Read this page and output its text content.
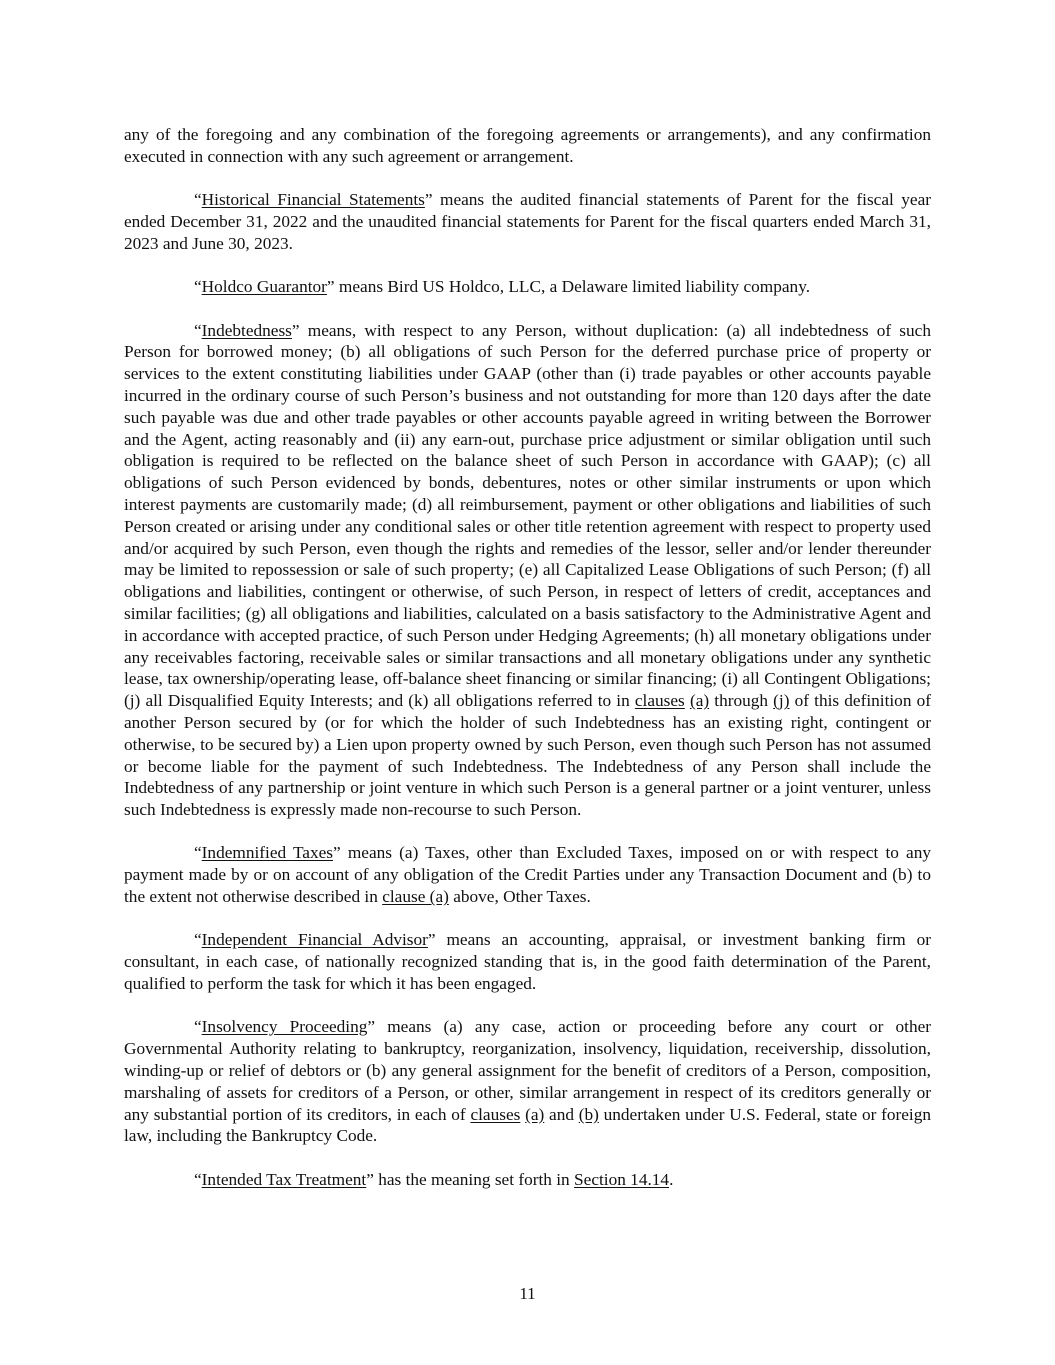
any of the foregoing and any combination of the foregoing agreements or arrangements), and any confirmation executed in connection with any such agreement or arrangement.

“Historical Financial Statements” means the audited financial statements of Parent for the fiscal year ended December 31, 2022 and the unaudited financial statements for Parent for the fiscal quarters ended March 31, 2023 and June 30, 2023.

“Holdco Guarantor” means Bird US Holdco, LLC, a Delaware limited liability company.

“Indebtedness” means, with respect to any Person, without duplication: (a) all indebtedness of such Person for borrowed money; (b) all obligations of such Person for the deferred purchase price of property or services to the extent constituting liabilities under GAAP (other than (i) trade payables or other accounts payable incurred in the ordinary course of such Person’s business and not outstanding for more than 120 days after the date such payable was due and other trade payables or other accounts payable agreed in writing between the Borrower and the Agent, acting reasonably and (ii) any earn-out, purchase price adjustment or similar obligation until such obligation is required to be reflected on the balance sheet of such Person in accordance with GAAP); (c) all obligations of such Person evidenced by bonds, debentures, notes or other similar instruments or upon which interest payments are customarily made; (d) all reimbursement, payment or other obligations and liabilities of such Person created or arising under any conditional sales or other title retention agreement with respect to property used and/or acquired by such Person, even though the rights and remedies of the lessor, seller and/or lender thereunder may be limited to repossession or sale of such property; (e) all Capitalized Lease Obligations of such Person; (f) all obligations and liabilities, contingent or otherwise, of such Person, in respect of letters of credit, acceptances and similar facilities; (g) all obligations and liabilities, calculated on a basis satisfactory to the Administrative Agent and in accordance with accepted practice, of such Person under Hedging Agreements; (h) all monetary obligations under any receivables factoring, receivable sales or similar transactions and all monetary obligations under any synthetic lease, tax ownership/operating lease, off-balance sheet financing or similar financing; (i) all Contingent Obligations; (j) all Disqualified Equity Interests; and (k) all obligations referred to in clauses (a) through (j) of this definition of another Person secured by (or for which the holder of such Indebtedness has an existing right, contingent or otherwise, to be secured by) a Lien upon property owned by such Person, even though such Person has not assumed or become liable for the payment of such Indebtedness. The Indebtedness of any Person shall include the Indebtedness of any partnership or joint venture in which such Person is a general partner or a joint venturer, unless such Indebtedness is expressly made non-recourse to such Person.

“Indemnified Taxes” means (a) Taxes, other than Excluded Taxes, imposed on or with respect to any payment made by or on account of any obligation of the Credit Parties under any Transaction Document and (b) to the extent not otherwise described in clause (a) above, Other Taxes.

“Independent Financial Advisor” means an accounting, appraisal, or investment banking firm or consultant, in each case, of nationally recognized standing that is, in the good faith determination of the Parent, qualified to perform the task for which it has been engaged.

“Insolvency Proceeding” means (a) any case, action or proceeding before any court or other Governmental Authority relating to bankruptcy, reorganization, insolvency, liquidation, receivership, dissolution, winding-up or relief of debtors or (b) any general assignment for the benefit of creditors of a Person, composition, marshaling of assets for creditors of a Person, or other, similar arrangement in respect of its creditors generally or any substantial portion of its creditors, in each of clauses (a) and (b) undertaken under U.S. Federal, state or foreign law, including the Bankruptcy Code.

“Intended Tax Treatment” has the meaning set forth in Section 14.14.

11
